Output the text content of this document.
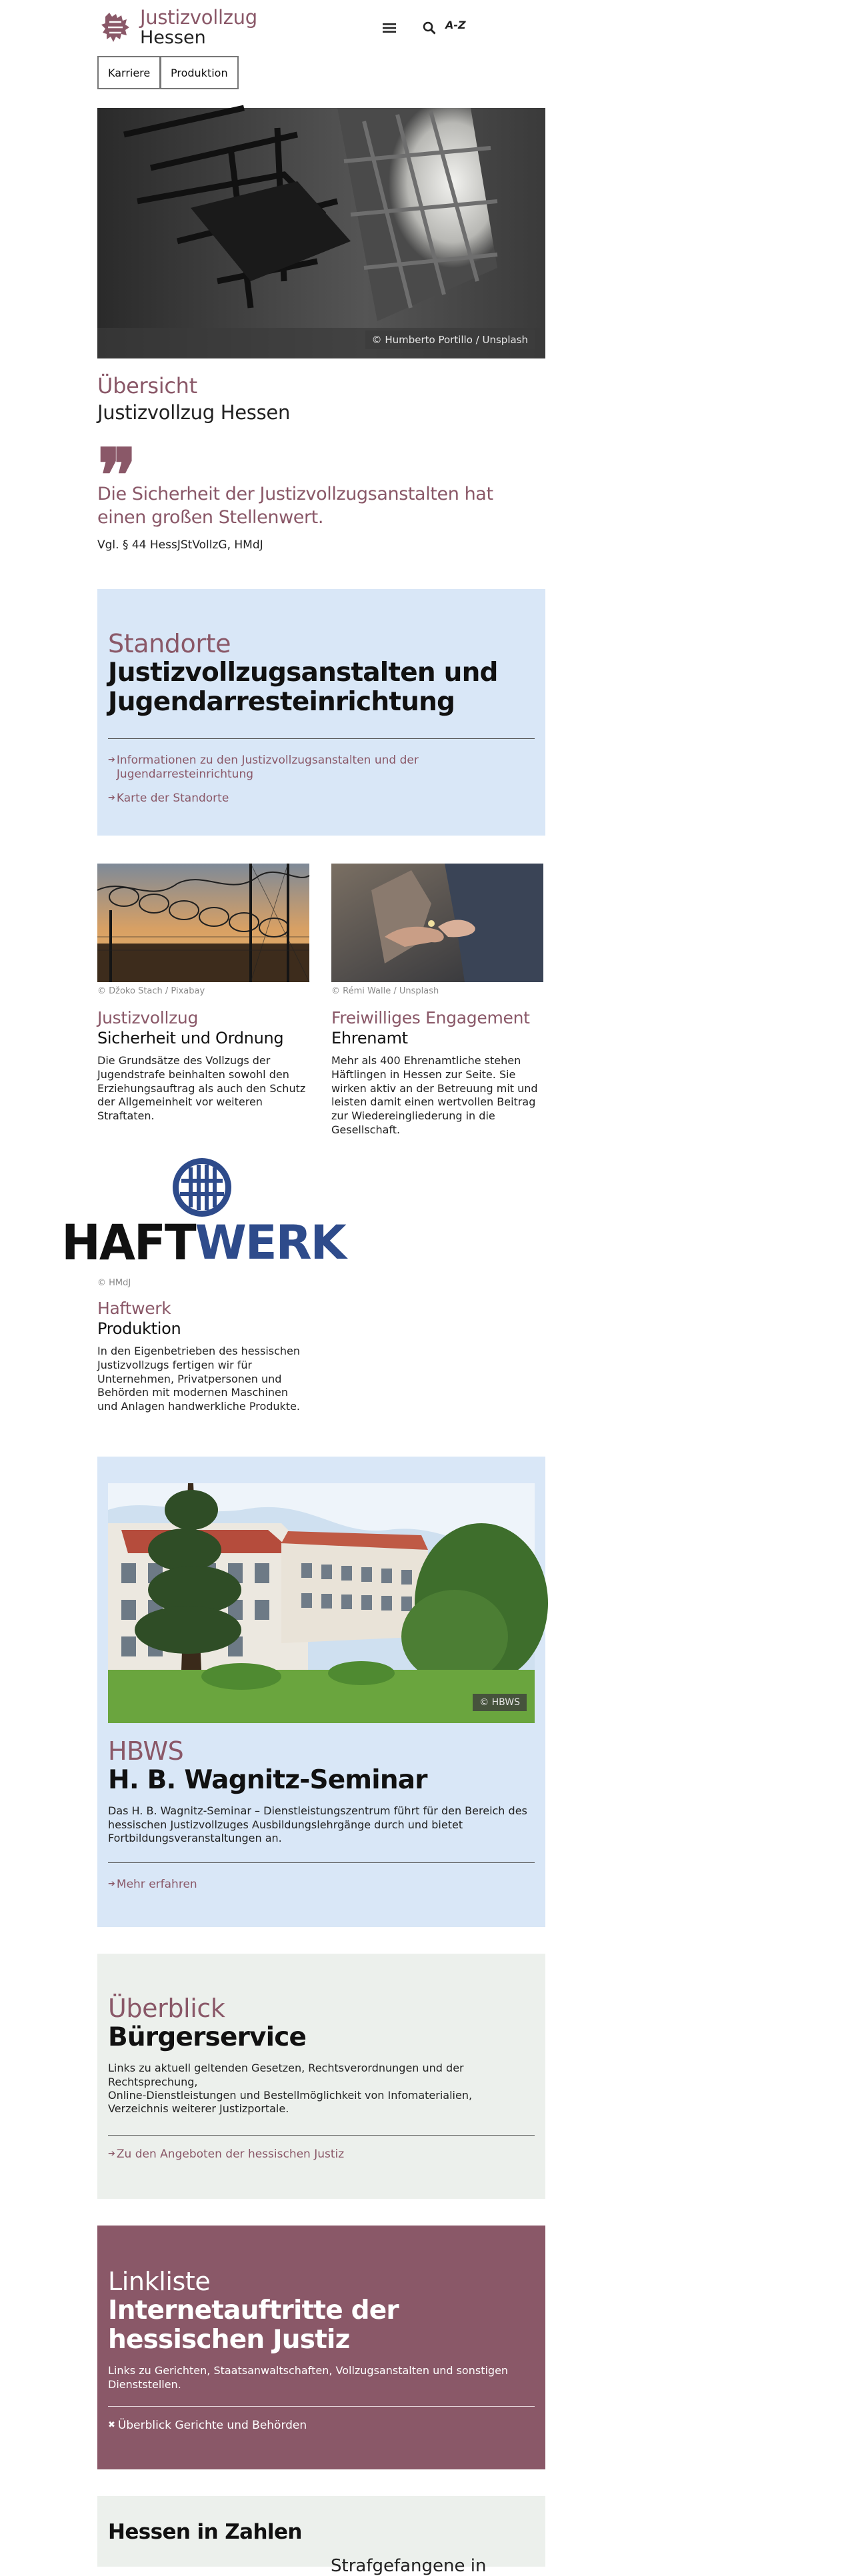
Justizvollzug
Hessen
A-Z
Karriere	Produktion
© Humberto Portillo / Unsplash
Übersicht
Justizvollzug Hessen
❞
Die Sicherheit der Justizvollzugsanstalten hat einen großen Stellenwert.
Vgl. § 44 HessJStVollzG, HMdJ
Standorte
Justizvollzugsanstalten und Jugendarresteinrichtung
➔ Informationen zu den Justizvollzugsanstalten und der Jugendarresteinrichtung
➔ Karte der Standorte
© Džoko Stach / Pixabay
Justizvollzug
Sicherheit und Ordnung
Die Grundsätze des Vollzugs der Jugendstrafe beinhalten sowohl den Erziehungsauftrag als auch den Schutz der Allgemeinheit vor weiteren Straftaten.
© Rémi Walle / Unsplash
Freiwilliges Engagement
Ehrenamt
Mehr als 400 Ehrenamtliche stehen Häftlingen in Hessen zur Seite. Sie wirken aktiv an der Betreuung mit und leisten damit einen wertvollen Beitrag zur Wiedereingliederung in die Gesellschaft.
HAFT WERK
© HMdJ
Haftwerk
Produktion
In den Eigenbetrieben des hessischen Justizvollzugs fertigen wir für Unternehmen, Privatpersonen und Behörden mit modernen Maschinen und Anlagen handwerkliche Produkte.
© HBWS
HBWS
H. B. Wagnitz-Seminar
Das H. B. Wagnitz-Seminar – Dienstleistungszentrum führt für den Bereich des hessischen Justizvollzuges Ausbildungslehrgänge durch und bietet Fortbildungsveranstaltungen an.
➔ Mehr erfahren
Überblick
Bürgerservice
Links zu aktuell geltenden Gesetzen, Rechtsverordnungen und der Rechtsprechung,
Online-Dienstleistungen und Bestellmöglichkeit von Infomaterialien, Verzeichnis weiterer Justizportale.
➔ Zu den Angeboten der hessischen Justiz
Linkliste
Internetauftritte der hessischen Justiz
Links zu Gerichten, Staatsanwaltschaften, Vollzugsanstalten und sonstigen Dienststellen.
✖ Überblick Gerichte und Behörden
Hessen in Zahlen
Strafgefangene in
